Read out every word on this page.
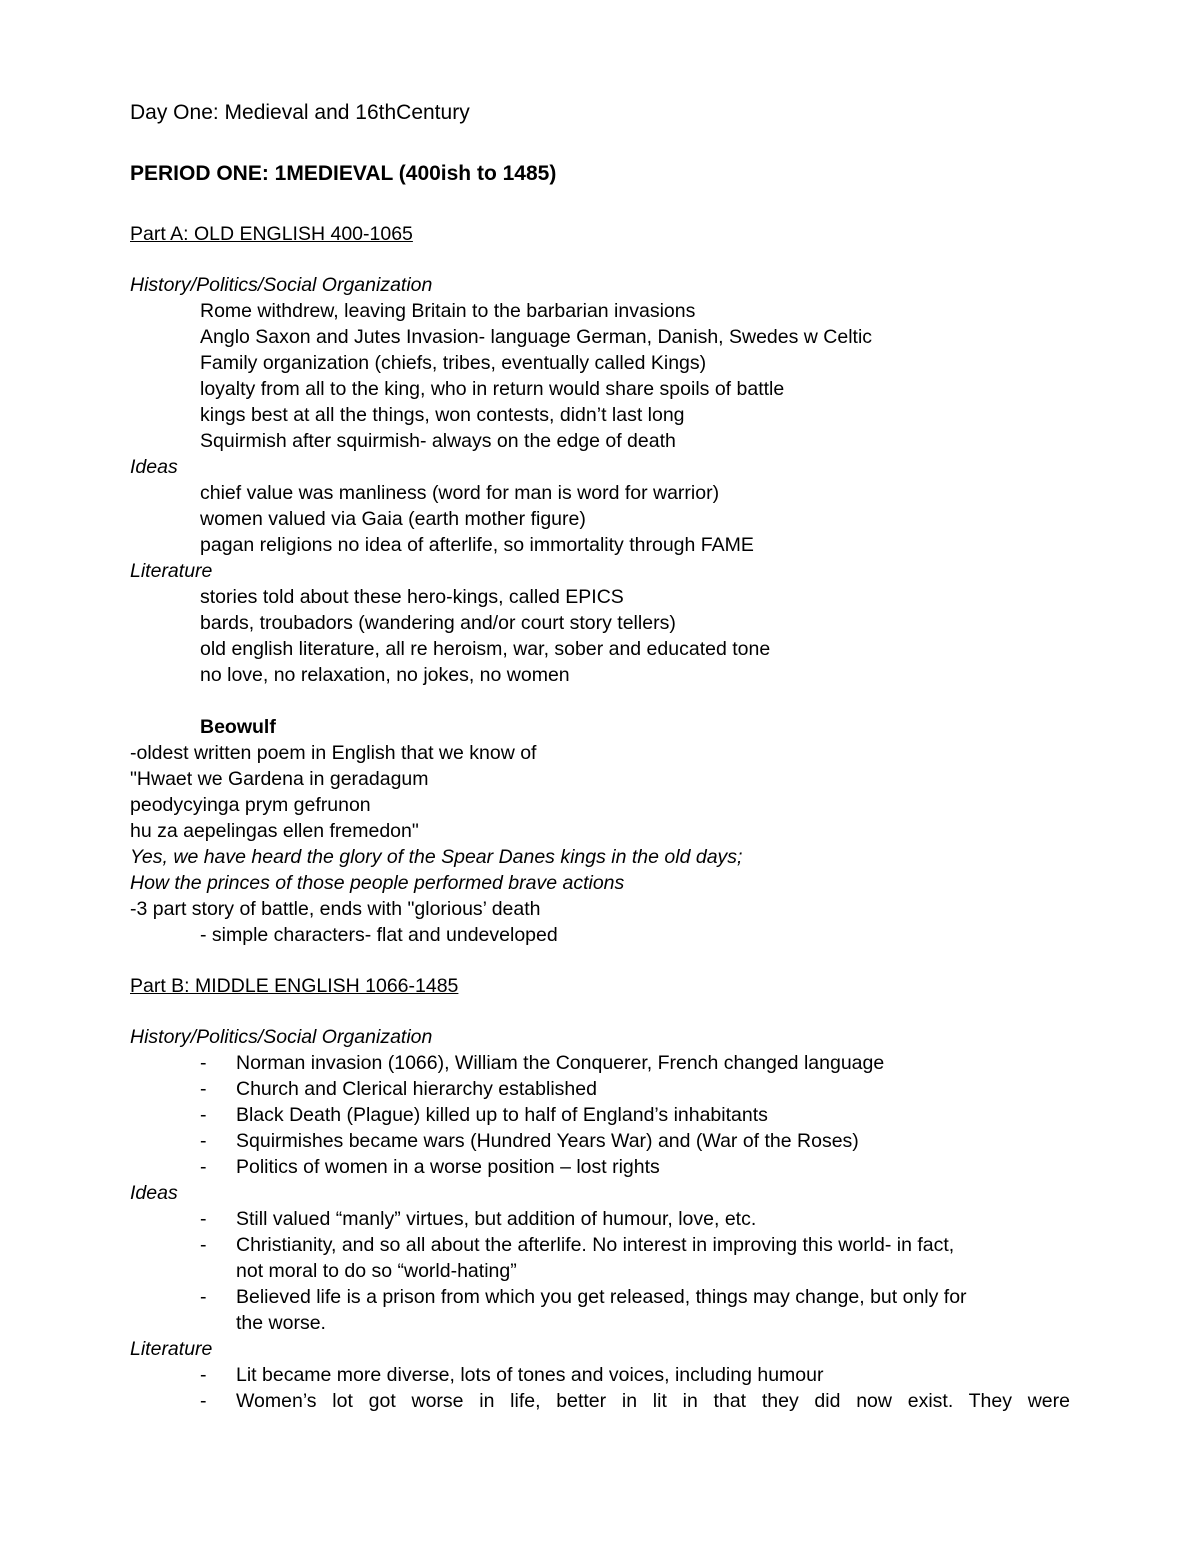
Day One: Medieval and 16thCentury
PERIOD ONE: 1MEDIEVAL (400ish to 1485)
Part A: OLD ENGLISH 400-1065
History/Politics/Social Organization
Rome withdrew, leaving Britain to the barbarian invasions
Anglo Saxon and Jutes Invasion- language German, Danish, Swedes w Celtic
Family organization (chiefs, tribes, eventually called Kings)
loyalty from all to the king, who in return would share spoils of battle
kings best at all the things, won contests, didn’t last long
Squirmish after squirmish- always on the edge of death
Ideas
chief value was manliness (word for man is word for warrior)
women valued via Gaia (earth mother figure)
pagan religions no idea of afterlife, so immortality through FAME
Literature
stories told about these hero-kings, called EPICS
bards, troubadors (wandering and/or court story tellers)
old english literature, all re heroism, war, sober and educated tone
no love, no relaxation, no jokes, no women
Beowulf
-oldest written poem in English that we know of
"Hwaet we Gardena in geradagum
peodycyinga prym gefrunon
hu za aepelingas ellen fremedon"
Yes, we have heard the glory of the Spear Danes kings in the old days;
How the princes of those people performed brave actions
-3 part story of battle, ends with "glorious’ death
- simple characters- flat and undeveloped
Part B: MIDDLE ENGLISH 1066-1485
History/Politics/Social Organization
- Norman invasion (1066), William the Conquerer, French changed language
- Church and Clerical hierarchy established
- Black Death (Plague) killed up to half of England’s inhabitants
- Squirmishes became wars (Hundred Years War) and (War of the Roses)
- Politics of women in a worse position – lost rights
Ideas
- Still valued “manly” virtues, but addition of humour, love, etc.
- Christianity, and so all about the afterlife. No interest in improving this world- in fact,
not moral to do so “world-hating”
- Believed life is a prison from which you get released, things may change, but only for
the worse.
Literature
- Lit became more diverse, lots of tones and voices, including humour
- Women’s lot got worse in life, better in lit in that they did now exist. They were
